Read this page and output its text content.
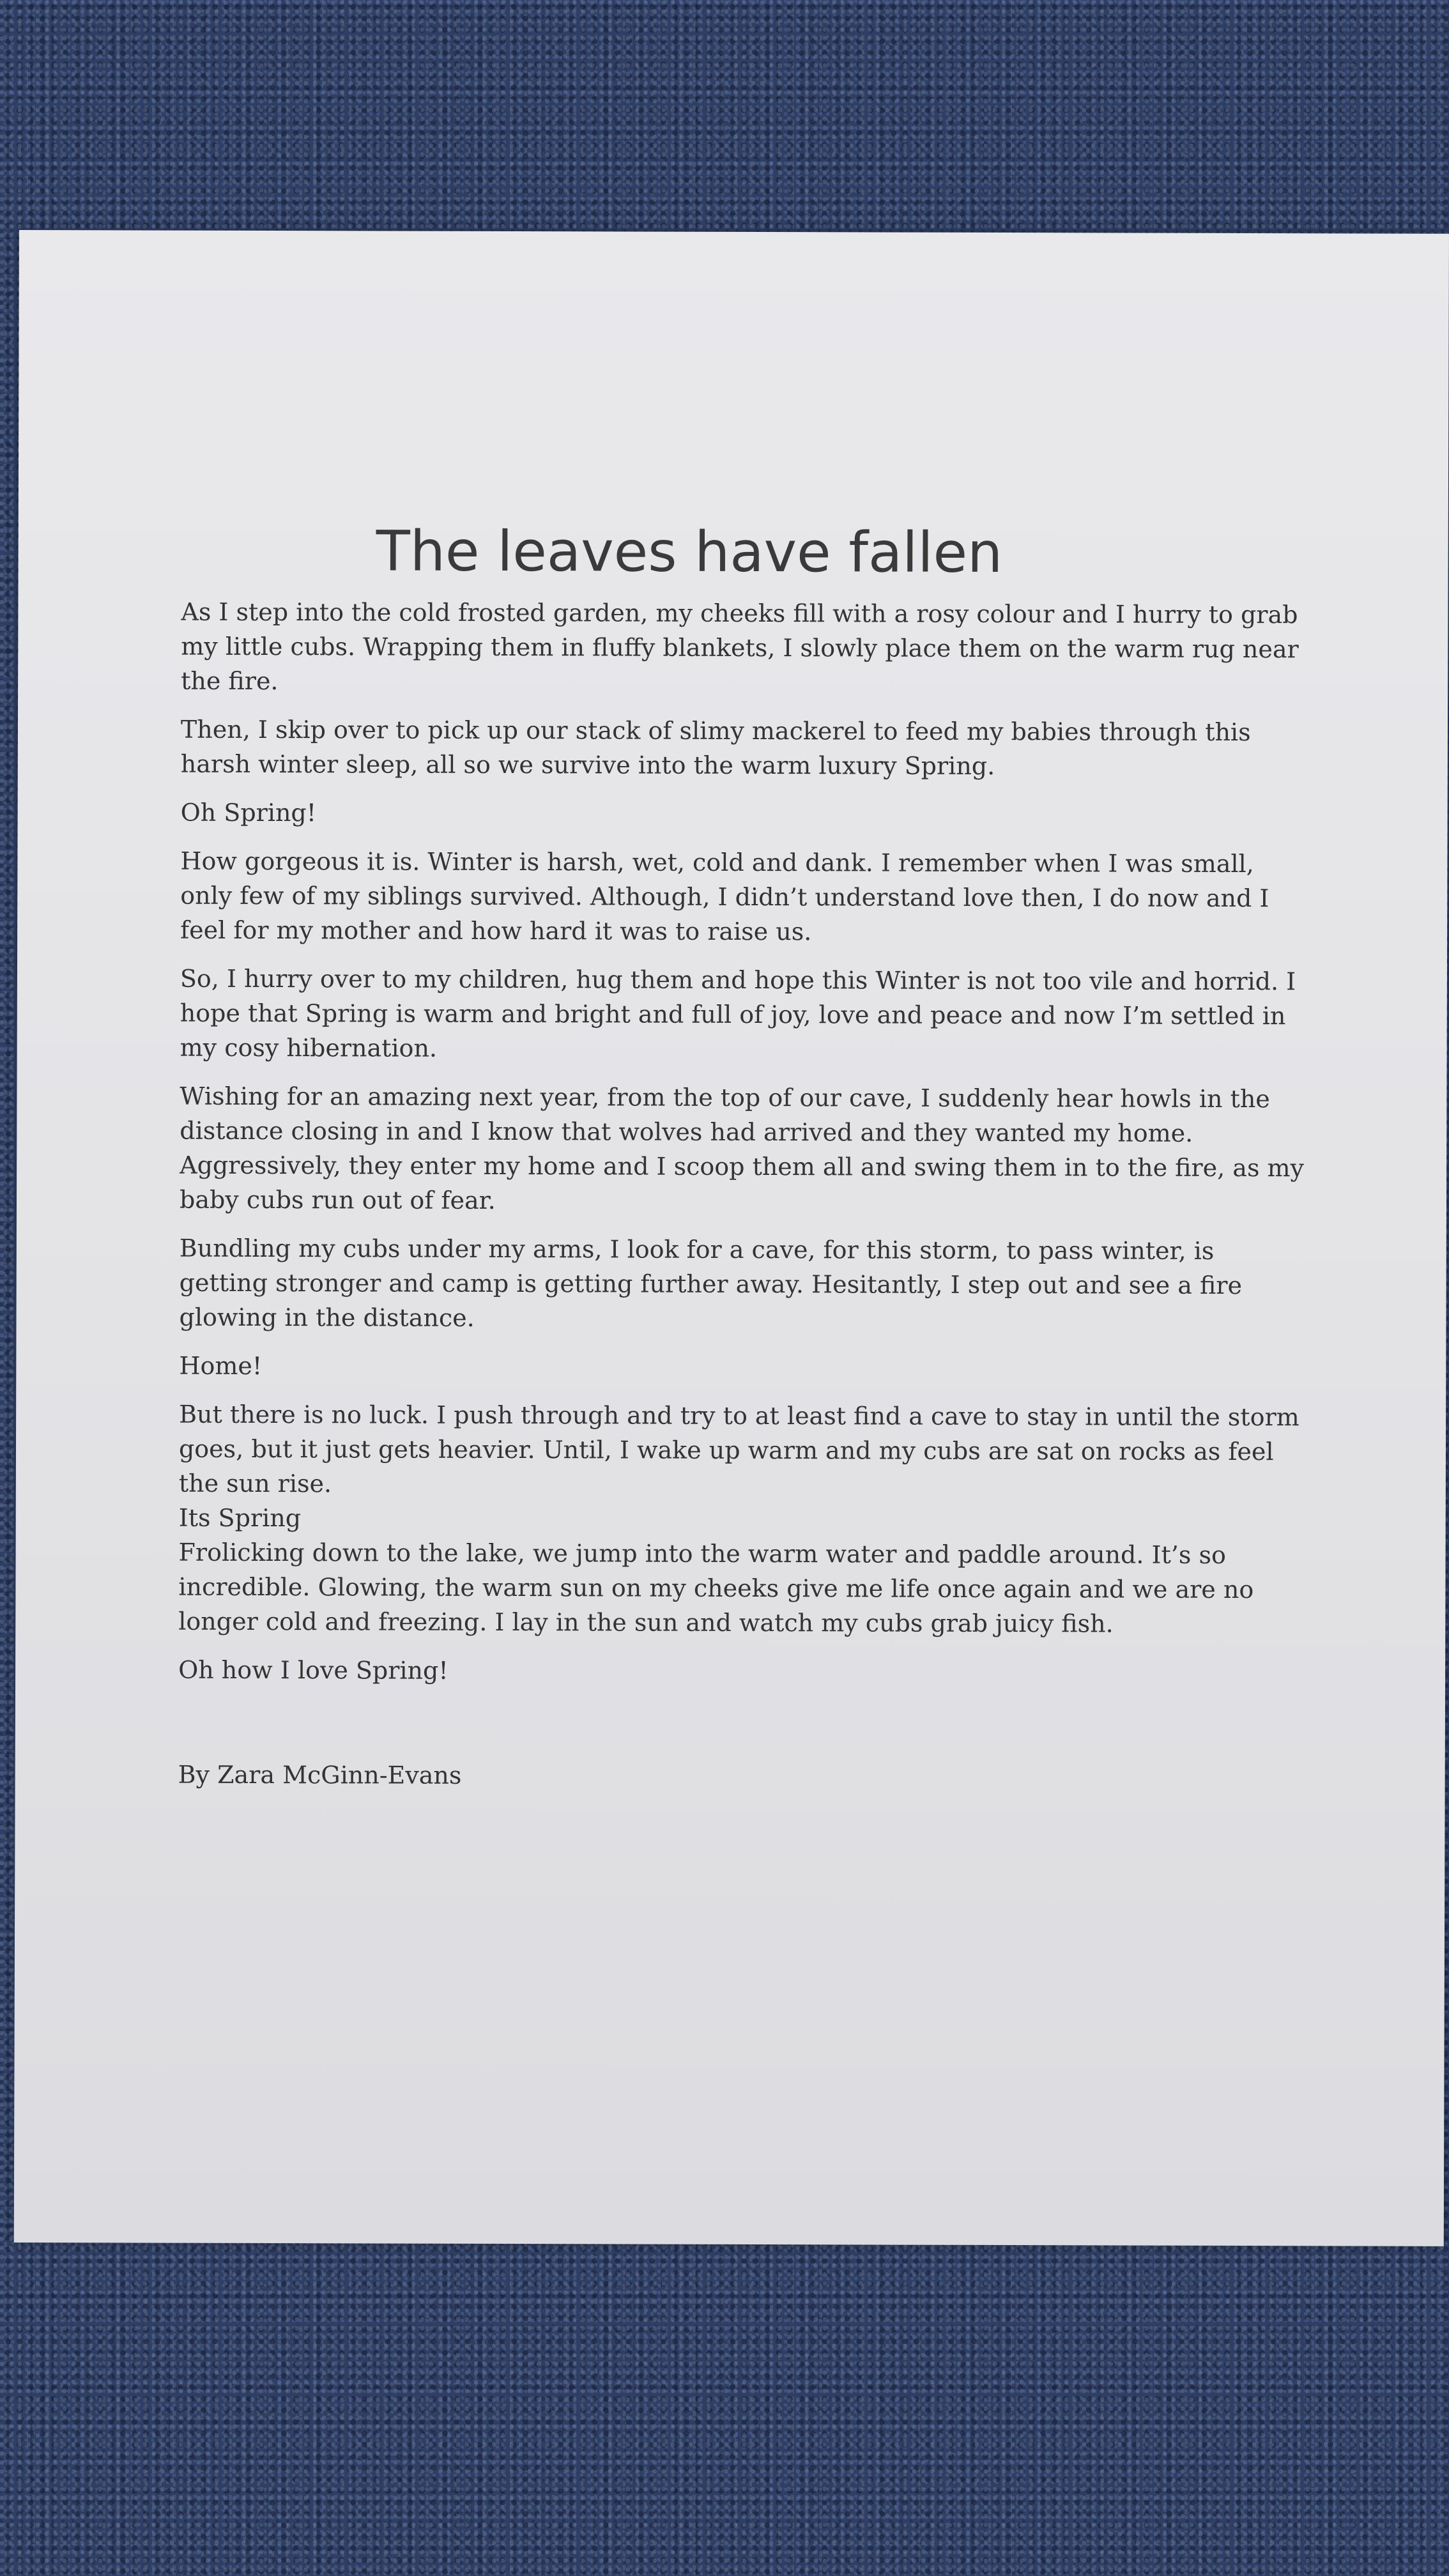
The leaves have fallen

As I step into the cold frosted garden, my cheeks fill with a rosy colour and I hurry to grab my little cubs. Wrapping them in fluffy blankets, I slowly place them on the warm rug near the fire.

Then, I skip over to pick up our stack of slimy mackerel to feed my babies through this harsh winter sleep, all so we survive into the warm luxury Spring.

Oh Spring!

How gorgeous it is. Winter is harsh, wet, cold and dank. I remember when I was small, only few of my siblings survived. Although, I didn’t understand love then, I do now and I feel for my mother and how hard it was to raise us.

So, I hurry over to my children, hug them and hope this Winter is not too vile and horrid. I hope that Spring is warm and bright and full of joy, love and peace and now I’m settled in my cosy hibernation.

Wishing for an amazing next year, from the top of our cave, I suddenly hear howls in the distance closing in and I know that wolves had arrived and they wanted my home. Aggressively, they enter my home and I scoop them all and swing them in to the fire, as my baby cubs run out of fear.

Bundling my cubs under my arms, I look for a cave, for this storm, to pass winter, is getting stronger and camp is getting further away. Hesitantly, I step out and see a fire glowing in the distance.

Home!

But there is no luck. I push through and try to at least find a cave to stay in until the storm goes, but it just gets heavier. Until, I wake up warm and my cubs are sat on rocks as feel the sun rise.

Its Spring

Frolicking down to the lake, we jump into the warm water and paddle around. It’s so incredible. Glowing, the warm sun on my cheeks give me life once again and we are no longer cold and freezing. I lay in the sun and watch my cubs grab juicy fish.

Oh how I love Spring!

By Zara McGinn-Evans
